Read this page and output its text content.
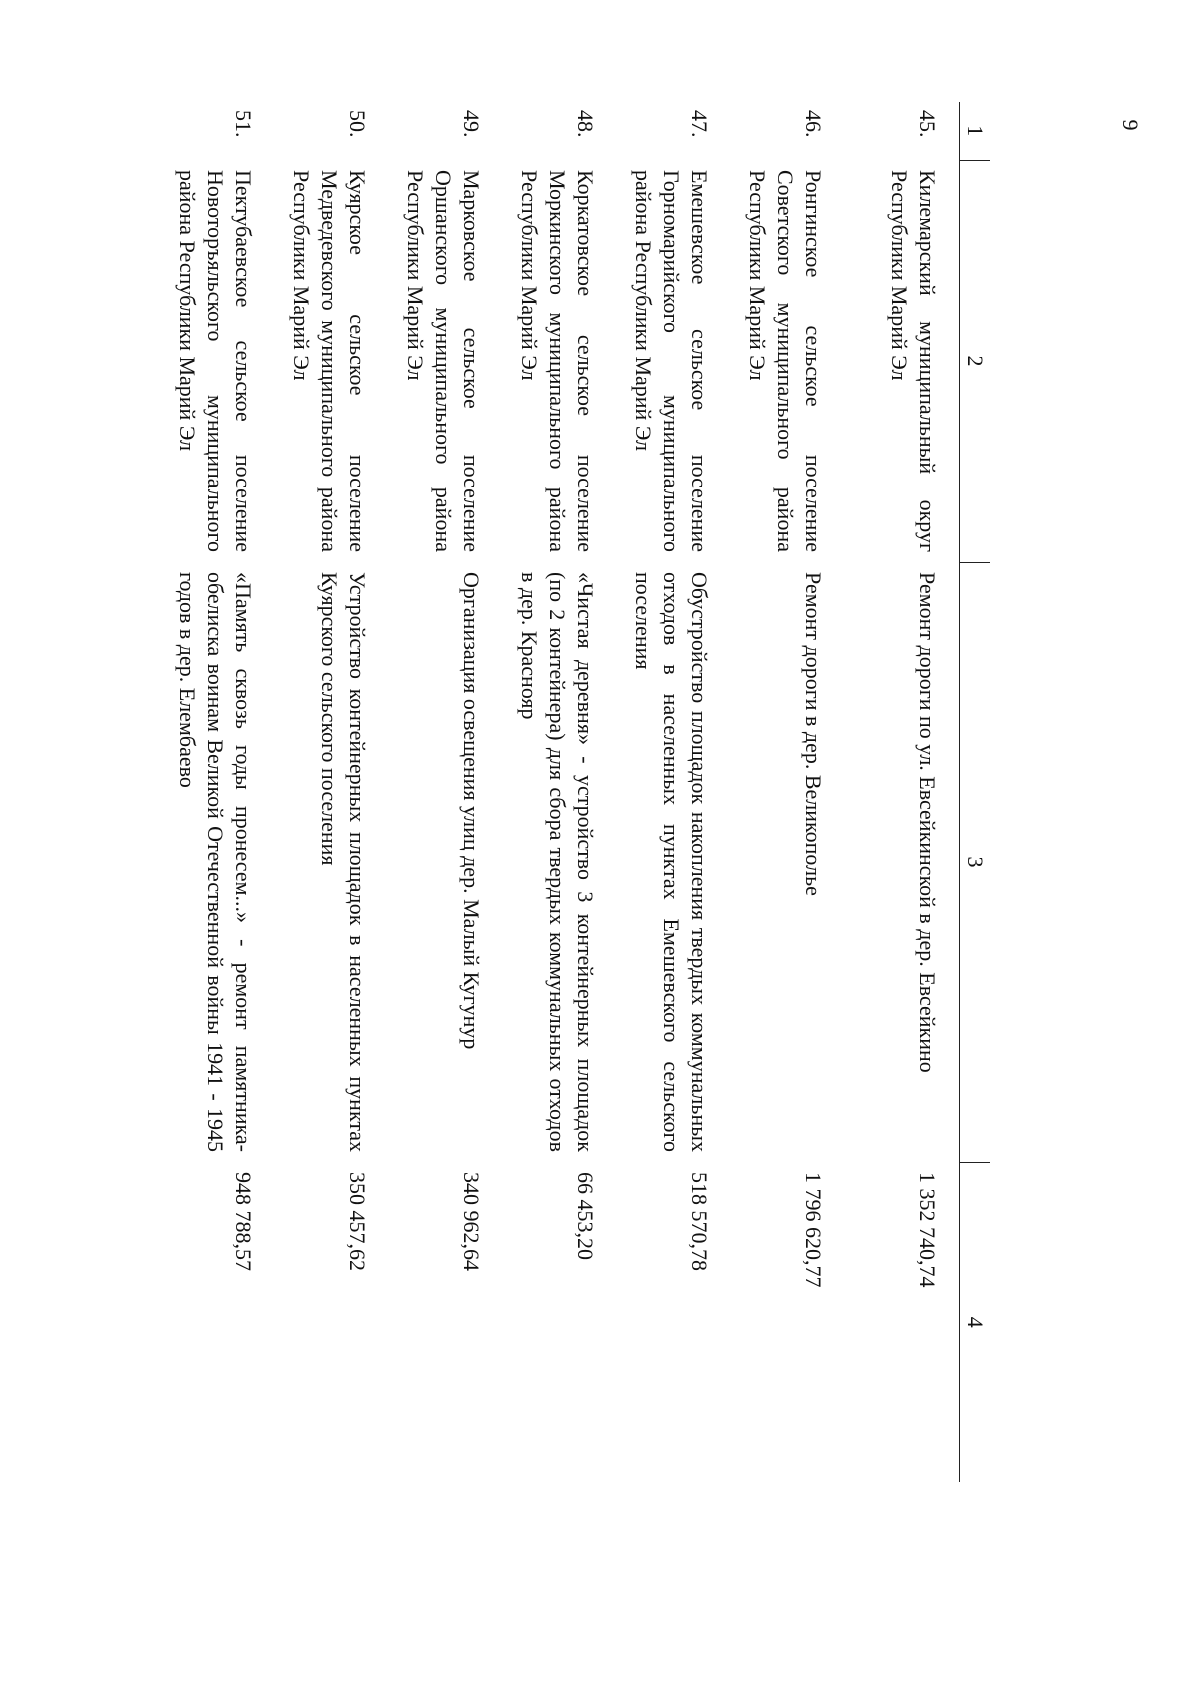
9
1	2	3	4
45.	Килемарский муниципальный округ Республики Марий Эл	Ремонт дороги по ул. Евсейкинской в дер. Евсейкино	1 352 740,74
46.	Ронгинское сельское поселение Советского муниципального района Республики Марий Эл	Ремонт дороги в дер. Великополье	1 796 620,77
47.	Емешевское сельское поселение Горномарийского муниципального района Республики Марий Эл	Обустройство площадок накопления твердых коммунальных отходов в населенных пунктах Емешевского сельского поселения	518 570,78
48.	Коркатовское сельское поселение Моркинского муниципального района Республики Марий Эл	«Чистая деревня» - устройство 3 контейнерных площадок (по 2 контейнера) для сбора твердых коммунальных отходов в дер. Краснояр	66 453,20
49.	Марковское сельское поселение Оршанского муниципального района Республики Марий Эл	Организация освещения улиц дер. Малый Кугунур	340 962,64
50.	Куярское сельское поселение Медведевского муниципального района Республики Марий Эл	Устройство контейнерных площадок в населенных пунктах Куярского сельского поселения	350 457,62
51.	Пектубаевское сельское поселение Новоторъяльского муниципального района Республики Марий Эл	«Память сквозь годы пронесем...» - ремонт памятника-обелиска воинам Великой Отечественной войны 1941 - 1945 годов в дер. Елембаево	948 788,57
